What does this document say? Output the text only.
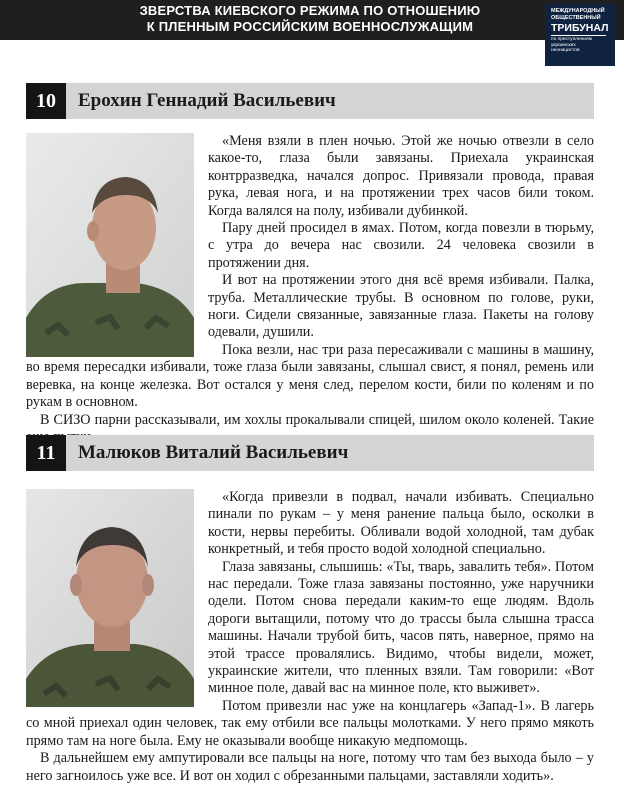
ЗВЕРСТВА КИЕВСКОГО РЕЖИМА ПО ОТНОШЕНИЮ
К ПЛЕННЫМ РОССИЙСКИМ ВОЕННОСЛУЖАЩИМ
МЕЖДУНАРОДНЫЙ
ОБЩЕСТВЕННЫЙ
ТРИБУНАЛ
по преступлениям
украинских
неонацистов
10	Ерохин Геннадий Васильевич

«Меня взяли в плен ночью. Этой же ночью отвезли в село какое-то, глаза были завязаны. Приехала украинская контрразведка, начался допрос. Привязали провода, правая рука, левая нога, и на протяжении трех часов били током. Когда валялся на полу, избивали дубинкой.

Пару дней просидел в ямах. Потом, когда повезли в тюрьму, с утра до вечера нас свозили. 24 человека свозили в протяжении дня.

И вот на протяжении этого дня всё время избивали. Палка, труба. Металлические трубы. В основном по голове, руки, ноги. Сидели связанные, завязанные глаза. Пакеты на голову одевали, душили.

Пока везли, нас три раза пересаживали с машины в машину, во время пересадки избивали, тоже глаза были завязаны, слышал свист, я понял, ремень или веревка, на конце железка. Вот остался у меня след, перелом кости, били по коленям и по рукам в основном.

В СИЗО парни рассказывали, им хохлы прокалывали спицей, шилом около коленей. Такие

11	Малюков Виталий Васильевич

«Когда привезли в подвал, начали избивать. Специально пинали по рукам – у меня ранение пальца было, осколки в кости, нервы перебиты. Обливали водой холодной, там дубак конкретный, и тебя просто водой холодной специально.

Глаза завязаны, слышишь: «Ты, тварь, завалить тебя». Потом нас передали. Тоже глаза завязаны постоянно, уже наручники одели. Потом снова передали каким-то еще людям. Вдоль дороги вытащили, потому что до трассы была слышна трасса машины. Начали трубой бить, часов пять, наверное, прямо на этой трассе провалялись. Видимо, чтобы видели, может, украинские жители, что пленных взяли. Там говорили: «Вот минное поле, давай вас на минное поле, кто выживет».

Потом привезли нас уже на концлагерь «Запад-1». В лагерь со мной приехал один человек, так ему отбили все пальцы молотками. У него прямо мякоть прямо там на ноге была. Ему не оказывали вообще никакую медпомощь.

В дальнейшем ему ампутировали все пальцы на ноге, потому что там без выхода было – у него загноилось уже все. И вот он ходил с обрезанными пальцами, заставляли ходить».
